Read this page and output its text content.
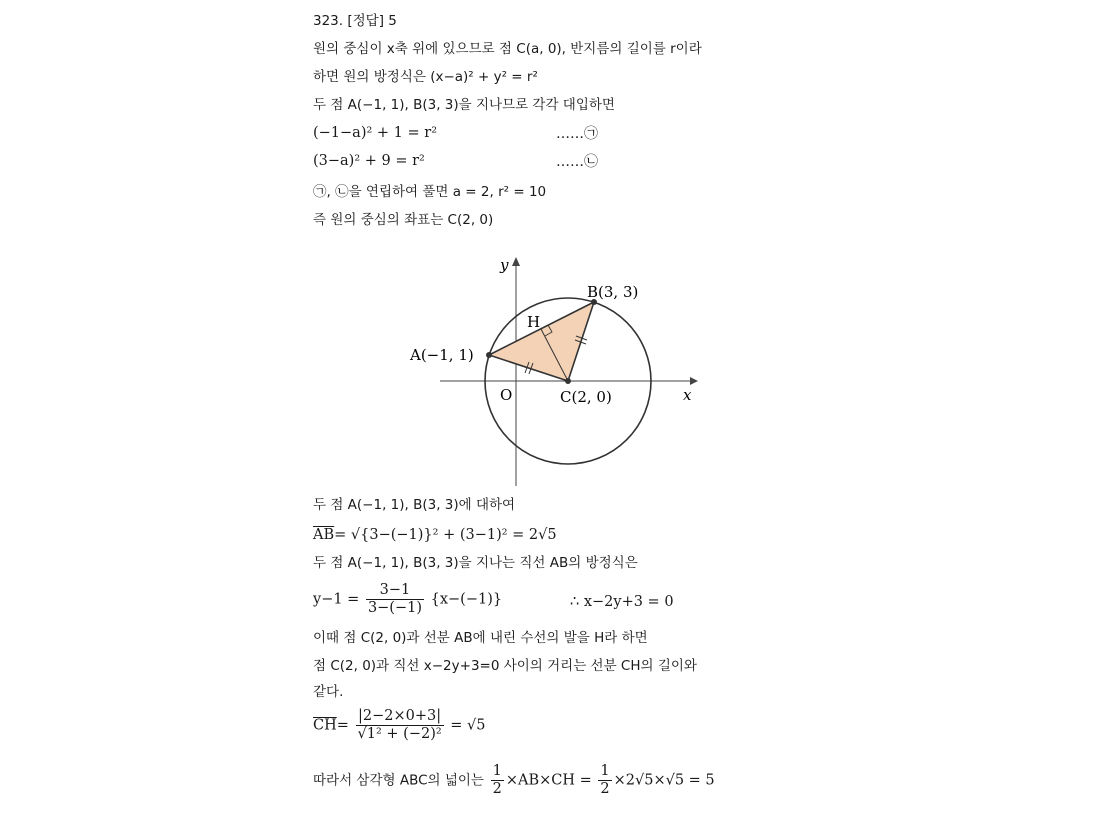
323. [정답] 5
원의 중심이 x축 위에 있으므로 점 C(a, 0), 반지름의 길이를 r이라
하면 원의 방정식은 (x−a)² + y² = r²
두 점 A(−1, 1), B(3, 3)을 지나므로 각각 대입하면
(−1−a)² + 1 = r²	……㉠
(3−a)² + 9 = r²	……㉡
㉠, ㉡을 연립하여 풀면 a = 2, r² = 10
즉 원의 중심의 좌표는 C(2, 0)
y
x
O
A(−1, 1)
B(3, 3)
C(2, 0)
H
두 점 A(−1, 1), B(3, 3)에 대하여
$\overline{AB}= √\{3-(-1)\}^2 + (3-1)^2 = 2√5$
두 점 A(−1, 1), B(3, 3)을 지나는 직선 AB의 방정식은
$y-1 = \frac{3-1}{3-(-1)} \{x-(-1)\}$	∴ x−2y+3 = 0
이때 점 C(2, 0)과 선분 AB에 내린 수선의 발을 H라 하면
점 C(2, 0)과 직선 x−2y+3=0 사이의 거리는 선분 CH의 길이와
같다.
$\overline{CH}= \frac{|2-2\times 0+3|}{\text{√1² + (−2)²}} = √5$
따라서 삼각형 ABC의 넓이는 $\frac{1}{2} \times AB\times CH = \frac{1}{2} \times 2√5\times√5 = 5$
